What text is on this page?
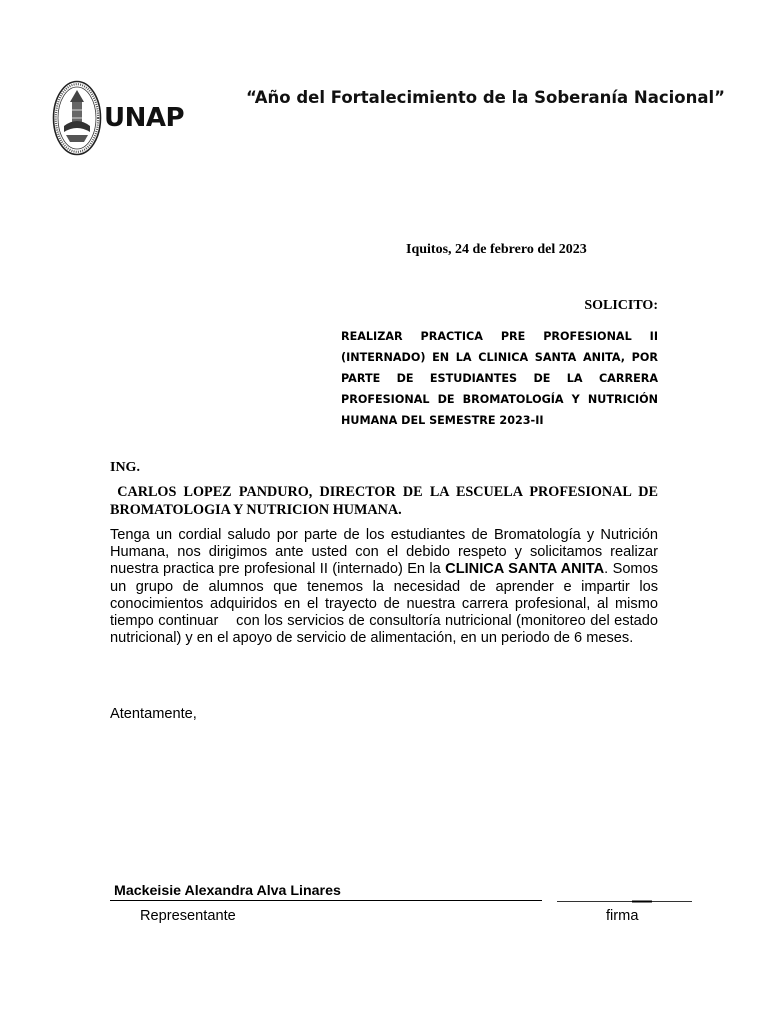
UNAP
“Año del Fortalecimiento de la Soberanía Nacional”
Iquitos, 24 de febrero del 2023
SOLICITO:

REALIZAR PRACTICA PRE PROFESIONAL II (INTERNADO) EN LA CLINICA SANTA ANITA, POR PARTE DE ESTUDIANTES DE LA CARRERA PROFESIONAL DE BROMATOLOGÍA Y NUTRICIÓN HUMANA DEL SEMESTRE 2023-II

ING.

CARLOS LOPEZ PANDURO, DIRECTOR DE LA ESCUELA PROFESIONAL DE BROMATOLOGIA Y NUTRICION HUMANA.

Tenga un cordial saludo por parte de los estudiantes de Bromatología y Nutrición Humana, nos dirigimos ante usted con el debido respeto y solicitamos realizar nuestra practica pre profesional II (internado) En la CLINICA SANTA ANITA. Somos un grupo de alumnos que tenemos la necesidad de aprender e impartir los conocimientos adquiridos en el trayecto de nuestra carrera profesional, al mismo tiempo continuar    con los servicios de consultoría nutricional (monitoreo del estado nutricional) y en el apoyo de servicio de alimentación, en un periodo de 6 meses.

Atentamente,
Mackeisie Alexandra Alva Linares
Representante	firma
